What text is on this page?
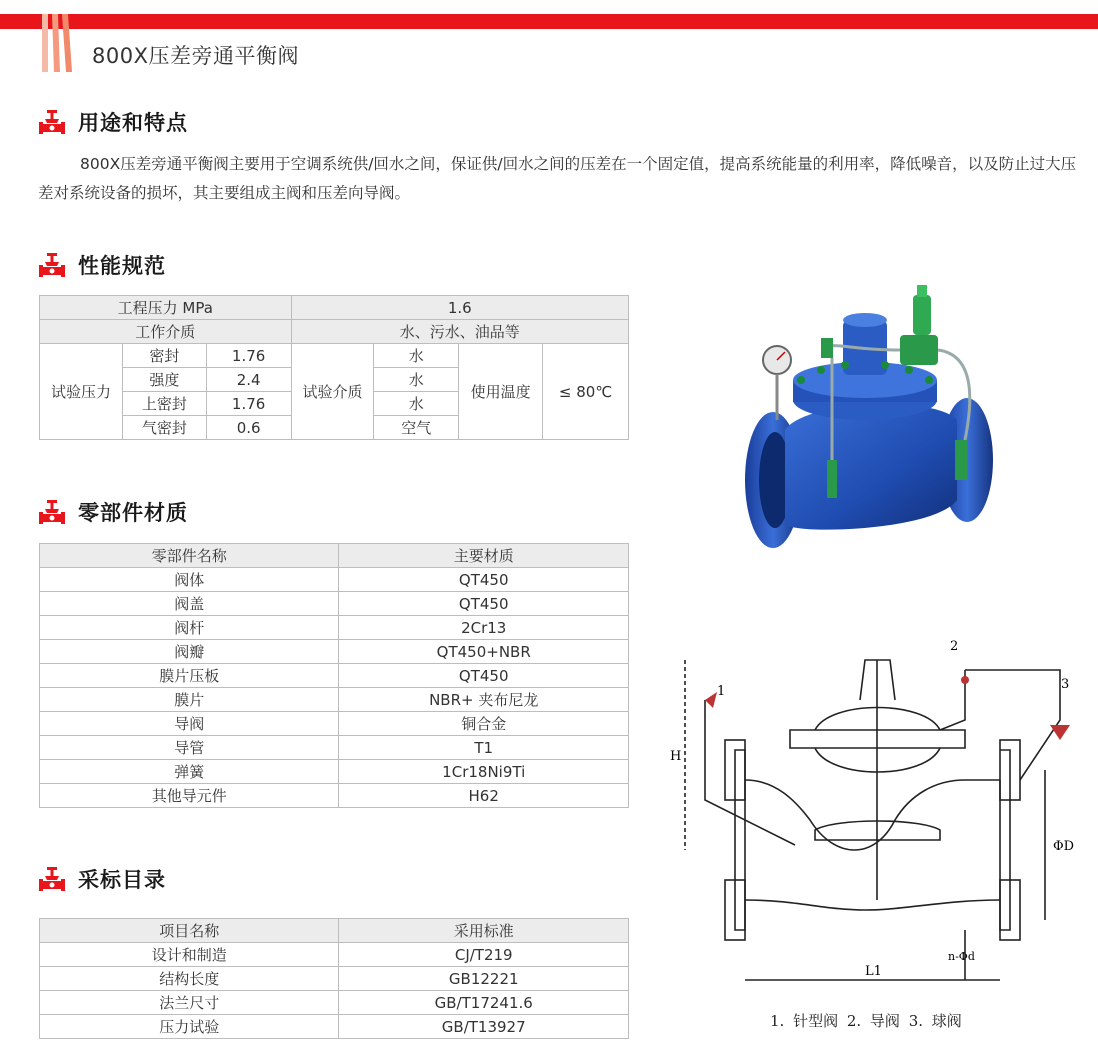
800X压差旁通平衡阀
用途和特点

800X压差旁通平衡阀主要用于空调系统供/回水之间，保证供/回水之间的压差在一个固定值，提高系统能量的利用率，降低噪音，以及防止过大压差对系统设备的损坏，其主要组成主阀和压差向导阀。

性能规范
工程压力 MPa			1.6			
工作介质			水、污水、油品等			
试验压力	密封	1.76	试验介质	水	使用温度	≤ 80℃
	强度	2.4		水		
	上密封	1.76		水		
	气密封	0.6		空气		
零部件材质
零部件名称	主要材质
阀体	QT450
阀盖	QT450
阀杆	2Cr13
阀瓣	QT450+NBR
膜片压板	QT450
膜片	NBR+ 夹布尼龙
导阀	铜合金
导管	T1
弹簧	1Cr18Ni9Ti
其他导元件	H62
采标目录
项目名称	采用标准
设计和制造	CJ/T219
结构长度	GB12221
法兰尺寸	GB/T17241.6
压力试验	GB/T13927
H
ΦD
n-Φd
L1
1
2
3
1. 针型阀 2. 导阀 3. 球阀
